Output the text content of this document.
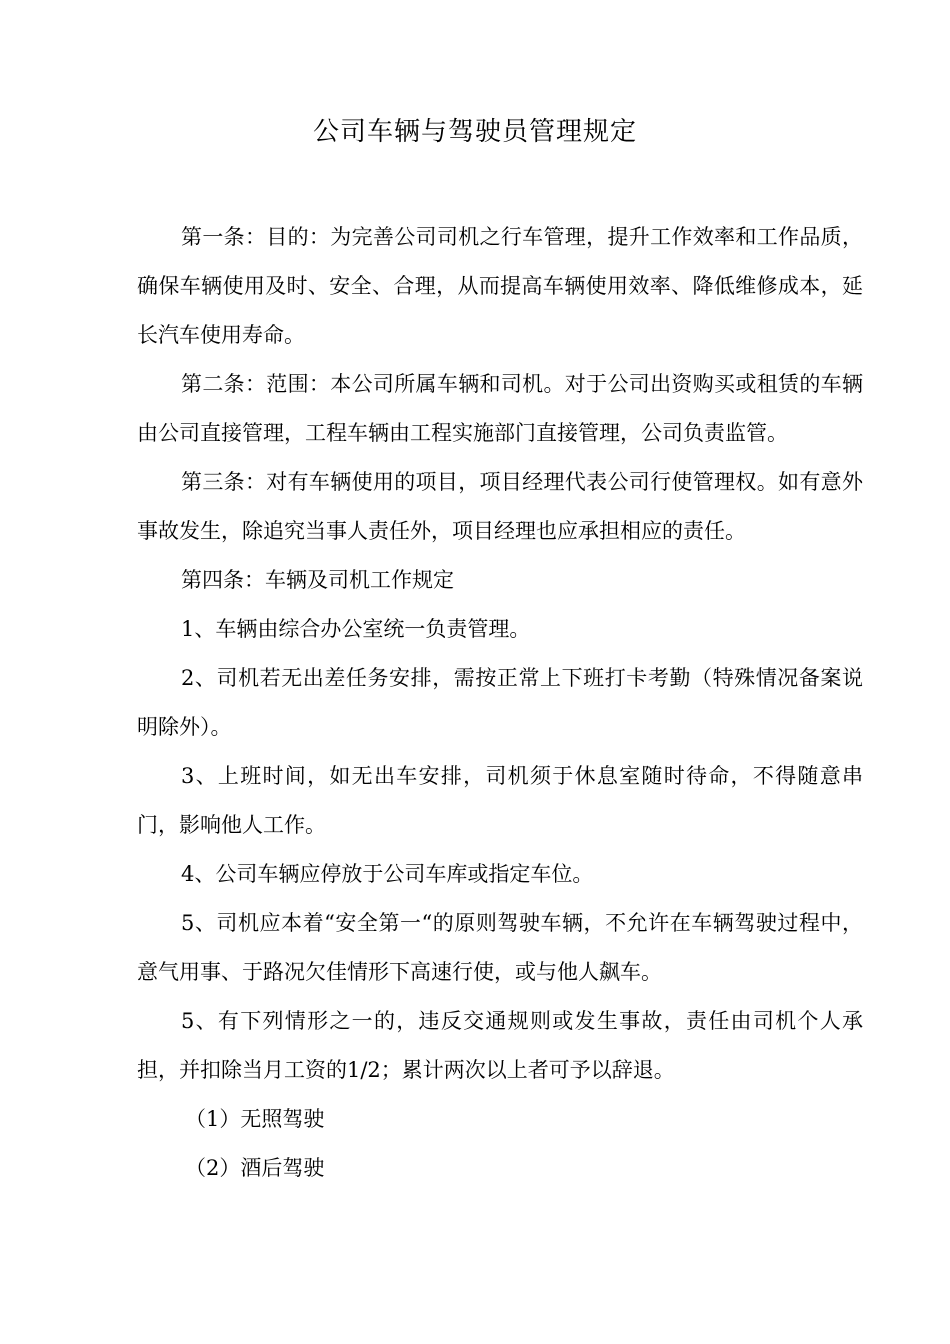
公司车辆与驾驶员管理规定

第一条：目的：为完善公司司机之行车管理，提升工作效率和工作品质，确保车辆使用及时、安全、合理，从而提高车辆使用效率、降低维修成本，延长汽车使用寿命。

第二条：范围：本公司所属车辆和司机。对于公司出资购买或租赁的车辆由公司直接管理，工程车辆由工程实施部门直接管理，公司负责监管。

第三条：对有车辆使用的项目，项目经理代表公司行使管理权。如有意外事故发生，除追究当事人责任外，项目经理也应承担相应的责任。

第四条：车辆及司机工作规定

1、车辆由综合办公室统一负责管理。

2、司机若无出差任务安排，需按正常上下班打卡考勤（特殊情况备案说明除外）。

3、上班时间，如无出车安排，司机须于休息室随时待命，不得随意串门，影响他人工作。

4、公司车辆应停放于公司车库或指定车位。

5、司机应本着“安全第一“的原则驾驶车辆，不允许在车辆驾驶过程中，意气用事、于路况欠佳情形下高速行使，或与他人飙车。

5、有下列情形之一的，违反交通规则或发生事故，责任由司机个人承担，并扣除当月工资的1/2；累计两次以上者可予以辞退。

（1）无照驾驶

（2）酒后驾驶
